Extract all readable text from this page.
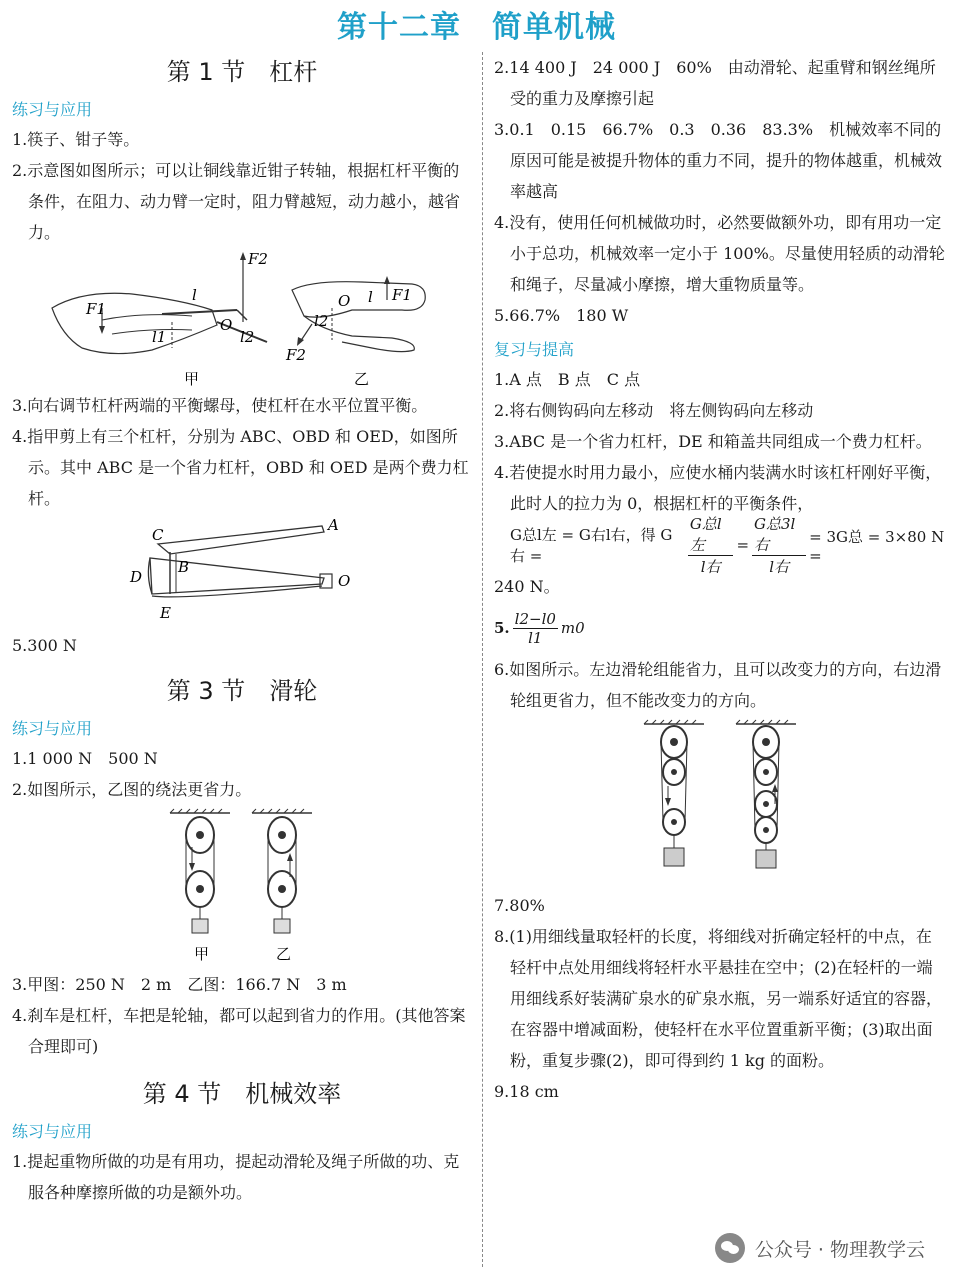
第十二章　简单机械
第 1 节　杠杆
练习与应用
1.筷子、钳子等。
2.示意图如图所示；可以让铜线靠近钳子转轴，根据杠杆平衡的条件，在阻力、动力臂一定时，阻力臂越短，动力越小，越省力。
F2
F1
l
O
l2
l1
F2
l2
O l F1
甲	乙
3.向右调节杠杆两端的平衡螺母，使杠杆在水平位置平衡。
4.指甲剪上有三个杠杆，分别为 ABC、OBD 和 OED，如图所示。其中 ABC 是一个省力杠杆，OBD 和 OED 是两个费力杠杆。
A
C
B
D	O
E
5.300 N
第 3 节　滑轮
练习与应用
1.1 000 N　500 N
2.如图所示，乙图的绕法更省力。
甲	乙
3.甲图：250 N　2 m　乙图：166.7 N　3 m
4.刹车是杠杆，车把是轮轴，都可以起到省力的作用。(其他答案合理即可)
第 4 节　机械效率
练习与应用
1.提起重物所做的功是有用功，提起动滑轮及绳子所做的功、克服各种摩擦所做的功是额外功。
2.14 400 J　24 000 J　60%　由动滑轮、起重臂和钢丝绳所受的重力及摩擦引起
3.0.1　0.15　66.7%　0.3　0.36　83.3%　机械效率不同的原因可能是被提升物体的重力不同，提升的物体越重，机械效率越高
4.没有，使用任何机械做功时，必然要做额外功，即有用功一定小于总功，机械效率一定小于 100%。尽量使用轻质的动滑轮和绳子，尽量减小摩擦，增大重物质量等。
5.66.7%　180 W
复习与提高
1.A 点　B 点　C 点
2.将右侧钩码向左移动　将左侧钩码向左移动
3.ABC 是一个省力杠杆，DE 和箱盖共同组成一个费力杠杆。
4.若使提水时用力最小，应使水桶内装满水时该杠杆刚好平衡，此时人的拉力为 0，根据杠杆的平衡条件，
G总l左 = G右l右，得 G右 =	$\frac{\text{G总l左}}{\text{l右}} = \frac{\text{G总3l右}}{\text{l右}} = 3G$总 = 3×80 N =
240 N。
5. $\frac{l2-l0}{l1} m0$
6.如图所示。左边滑轮组能省力，且可以改变力的方向，右边滑轮组更省力，但不能改变力的方向。
7.80%
8.(1)用细线量取轻杆的长度，将细线对折确定轻杆的中点，在轻杆中点处用细线将轻杆水平悬挂在空中；(2)在轻杆的一端用细线系好装满矿泉水的矿泉水瓶，另一端系好适宜的容器，在容器中增减面粉，使轻杆在水平位置重新平衡；(3)取出面粉，重复步骤(2)，即可得到约 1 kg 的面粉。
9.18 cm
公众号 · 物理教学云
